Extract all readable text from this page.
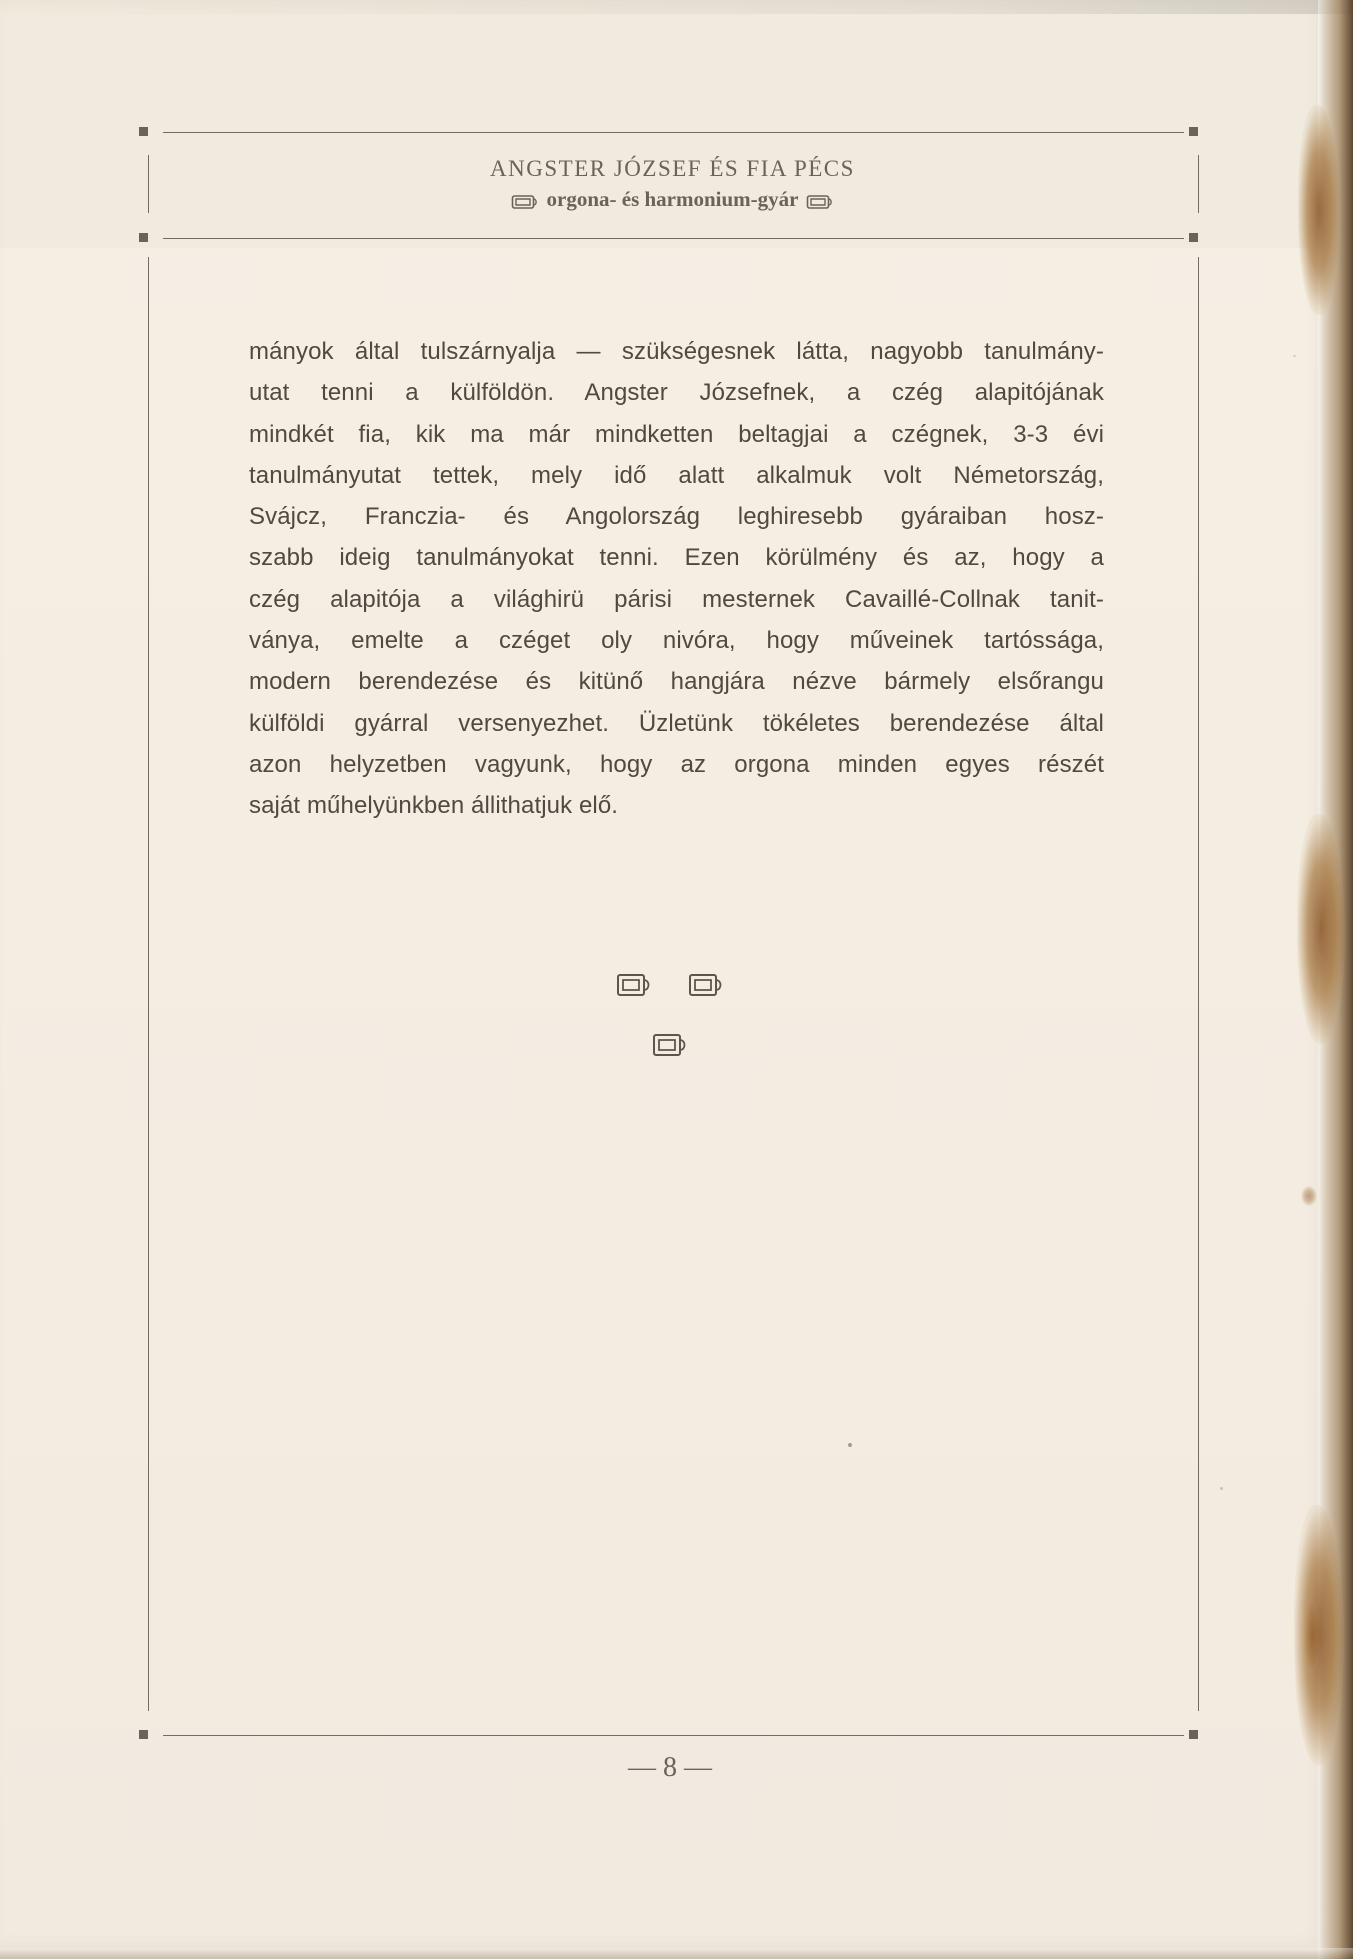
ANGSTER JÓZSEF ÉS FIA PÉCS
orgona- és harmonium-gyár
mányok által tulszárnyalja — szükségesnek látta, nagyobb tanulmány-
utat tenni a külföldön. Angster Józsefnek, a czég alapitójának
mindkét fia, kik ma már mindketten beltagjai a czégnek, 3-3 évi
tanulmányutat tettek, mely idő alatt alkalmuk volt Németország,
Svájcz, Franczia- és Angolország leghiresebb gyáraiban hosz-
szabb ideig tanulmányokat tenni. Ezen körülmény és az, hogy a
czég alapitója a világhirü párisi mesternek Cavaillé-Collnak tanit-
ványa, emelte a czéget oly nivóra, hogy műveinek tartóssága,
modern berendezése és kitünő hangjára nézve bármely elsőrangu
külföldi gyárral versenyezhet. Üzletünk tökéletes berendezése által
azon helyzetben vagyunk, hogy az orgona minden egyes részét
saját műhelyünkben állithatjuk elő.
— 8 —
